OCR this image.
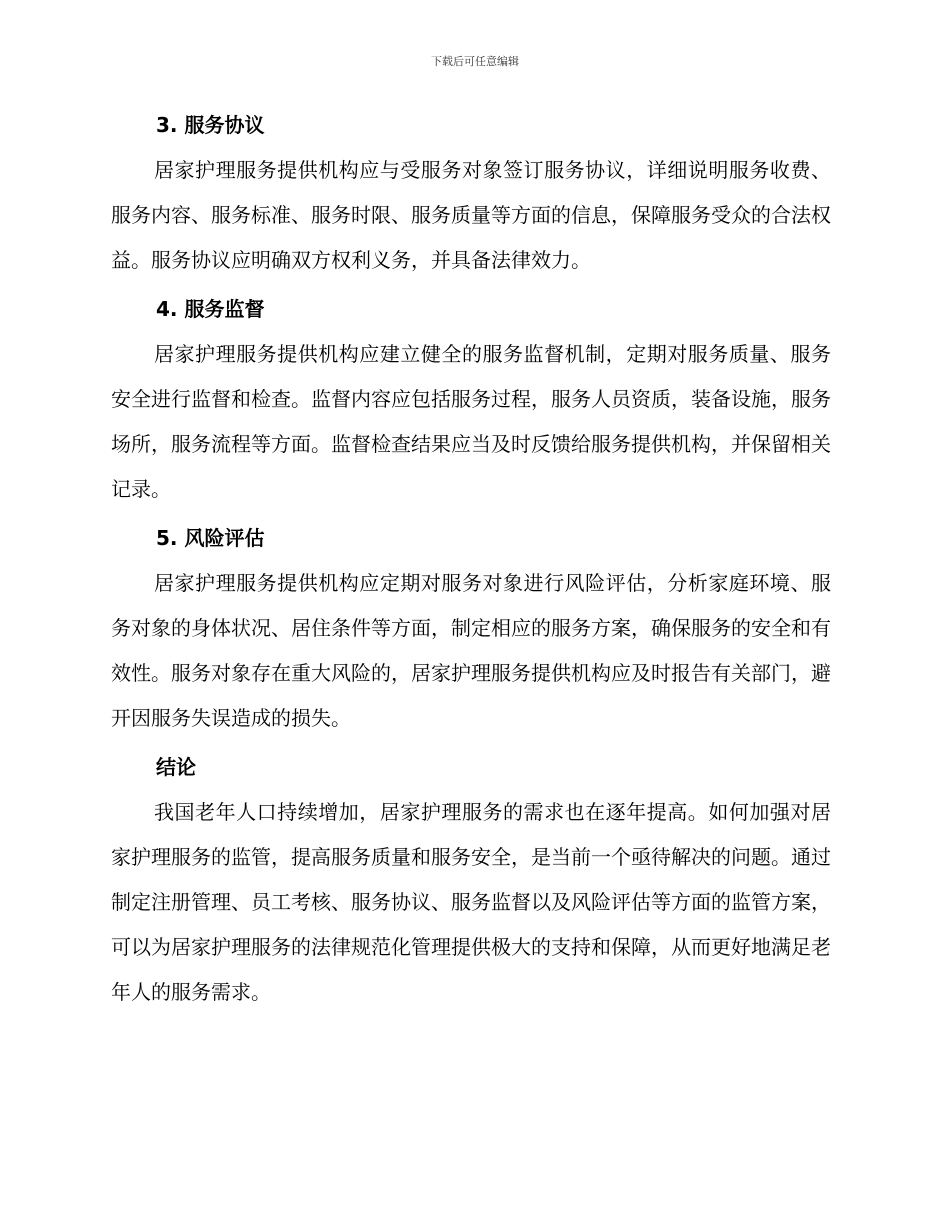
下载后可任意编辑
3. 服务协议

居家护理服务提供机构应与受服务对象签订服务协议，详细说明服务收费、服务内容、服务标准、服务时限、服务质量等方面的信息，保障服务受众的合法权益。服务协议应明确双方权利义务，并具备法律效力。

4. 服务监督

居家护理服务提供机构应建立健全的服务监督机制，定期对服务质量、服务安全进行监督和检查。监督内容应包括服务过程，服务人员资质，装备设施，服务场所，服务流程等方面。监督检查结果应当及时反馈给服务提供机构，并保留相关记录。

5. 风险评估

居家护理服务提供机构应定期对服务对象进行风险评估，分析家庭环境、服务对象的身体状况、居住条件等方面，制定相应的服务方案，确保服务的安全和有效性。服务对象存在重大风险的，居家护理服务提供机构应及时报告有关部门，避开因服务失误造成的损失。

结论

我国老年人口持续增加，居家护理服务的需求也在逐年提高。如何加强对居家护理服务的监管，提高服务质量和服务安全，是当前一个亟待解决的问题。通过制定注册管理、员工考核、服务协议、服务监督以及风险评估等方面的监管方案，可以为居家护理服务的法律规范化管理提供极大的支持和保障，从而更好地满足老年人的服务需求。
